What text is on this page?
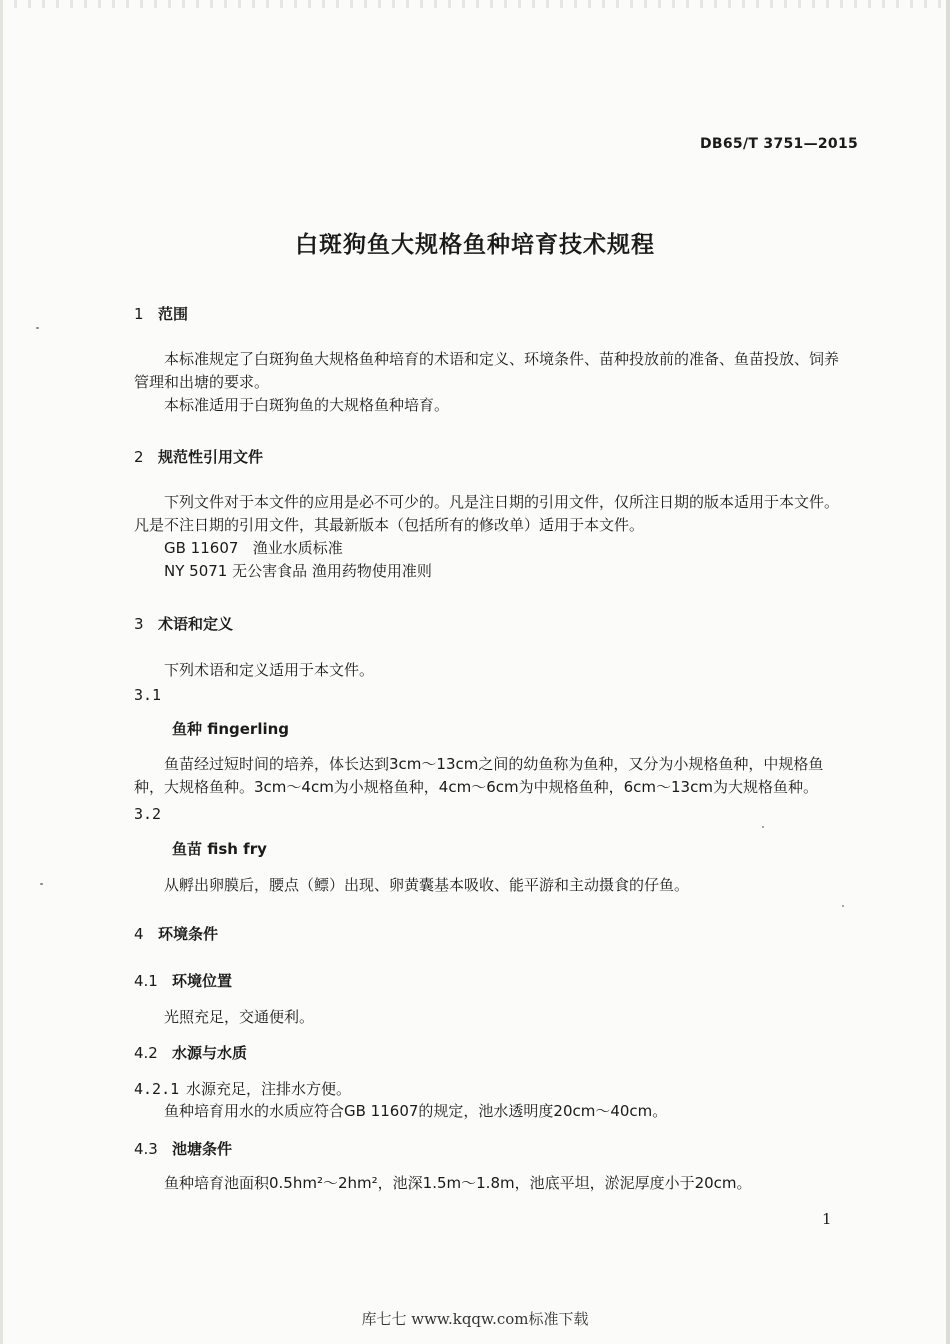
DB65/T 3751—2015
白斑狗鱼大规格鱼种培育技术规程
1 范围

本标准规定了白斑狗鱼大规格鱼种培育的术语和定义、环境条件、苗种投放前的准备、鱼苗投放、饲养管理和出塘的要求。

本标准适用于白斑狗鱼的大规格鱼种培育。

2 规范性引用文件

下列文件对于本文件的应用是必不可少的。凡是注日期的引用文件，仅所注日期的版本适用于本文件。凡是不注日期的引用文件，其最新版本（包括所有的修改单）适用于本文件。

GB 11607   渔业水质标准

NY 5071 无公害食品 渔用药物使用准则

3 术语和定义
下列术语和定义适用于本文件。
3.1
鱼种 fingerling

鱼苗经过短时间的培养，体长达到3cm～13cm之间的幼鱼称为鱼种，又分为小规格鱼种，中规格鱼种，大规格鱼种。3cm～4cm为小规格鱼种，4cm～6cm为中规格鱼种，6cm～13cm为大规格鱼种。

3.2
鱼苗 fish fry
从孵出卵膜后，腰点（鳔）出现、卵黄囊基本吸收、能平游和主动摄食的仔鱼。
4 环境条件
4.1 环境位置
光照充足，交通便利。
4.2 水源与水质
4.2.1 水源充足，注排水方便。
鱼种培育用水的水质应符合GB 11607的规定，池水透明度20cm～40cm。
4.3 池塘条件
鱼种培育池面积0.5hm²～2hm²，池深1.5m～1.8m，池底平坦，淤泥厚度小于20cm。
1
库七七 www.kqqw.com标准下载
